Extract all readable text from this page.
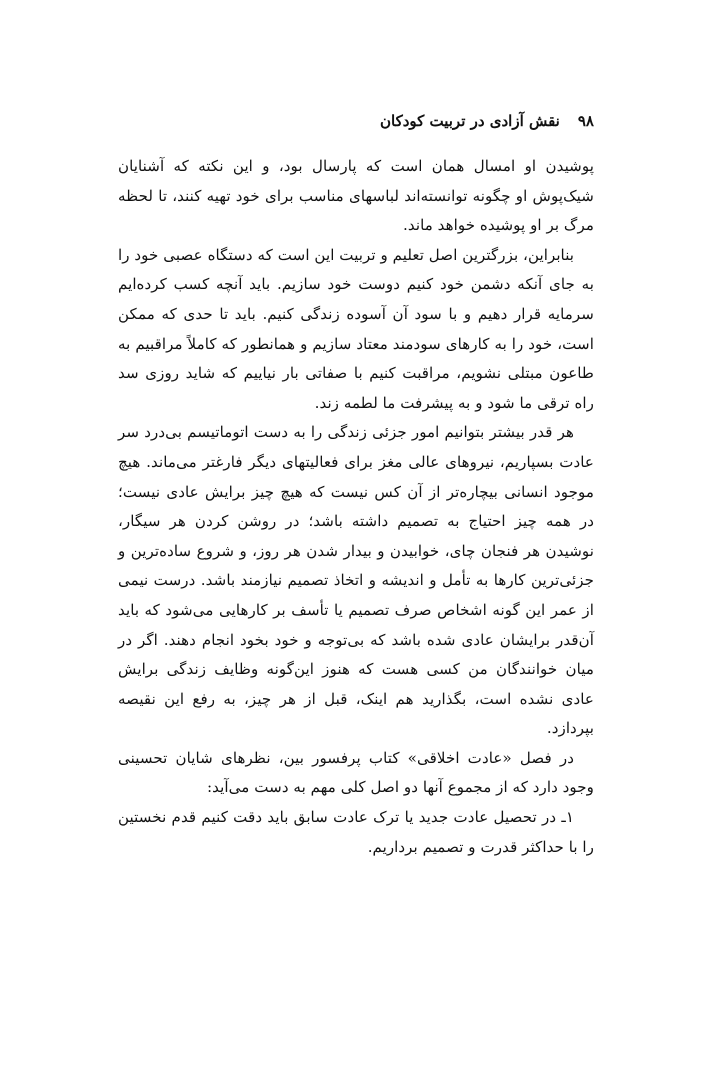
۹۸
نقش آزادی در تربیت کودکان

پوشیدن او امسال همان است که پارسال بود، و این نکته که آشنایان شیک‌پوش او چگونه توانسته‌اند لباسهای مناسب برای خود تهیه کنند، تا لحظه مرگ بر او پوشیده خواهد ماند.

بنابراین، بزرگترین اصل تعلیم و تربیت این است که دستگاه عصبی خود را به جای آنکه دشمن خود کنیم دوست خود سازیم. باید آنچه کسب کرده‌ایم سرمایه قرار دهیم و با سود آن آسوده زندگی کنیم. باید تا حدی که ممکن است، خود را به کارهای سودمند معتاد سازیم و همانطور که کاملاً مراقبیم به طاعون مبتلی نشویم، مراقبت کنیم با صفاتی بار نیاییم که شاید روزی سد راه ترقی ما شود و به پیشرفت ما لطمه زند.

هر قدر بیشتر بتوانیم امور جزئی زندگی را به دست اتوماتیسم بی‌درد سر عادت بسپاریم، نیروهای عالی مغز برای فعالیتهای دیگر فارغتر می‌ماند. هیچ موجود انسانی بیچاره‌تر از آن کس نیست که هیچ چیز برایش عادی نیست؛ در همه چیز احتیاج به تصمیم داشته باشد؛ در روشن کردن هر سیگار، نوشیدن هر فنجان چای، خوابیدن و بیدار شدن هر روز، و شروع ساده‌ترین و جزئی‌ترین کارها به تأمل و اندیشه و اتخاذ تصمیم نیازمند باشد. درست نیمی از عمر این گونه اشخاص صرف تصمیم یا تأسف بر کارهایی می‌شود که باید آن‌قدر برایشان عادی شده باشد که بی‌توجه و خود بخود انجام دهند. اگر در میان خوانندگان من کسی هست که هنوز این‌گونه وظایف زندگی برایش عادی نشده است، بگذارید هم اینک، قبل از هر چیز، به رفع این نقیصه بپردازد.

در فصل «عادت اخلاقی» کتاب پرفسور بین، نظرهای شایان تحسینی وجود دارد که از مجموع آنها دو اصل کلی مهم به دست می‌آید:

۱ـ در تحصیل عادت جدید یا ترک عادت سابق باید دقت کنیم قدم نخستین را با حداکثر قدرت و تصمیم برداریم.
